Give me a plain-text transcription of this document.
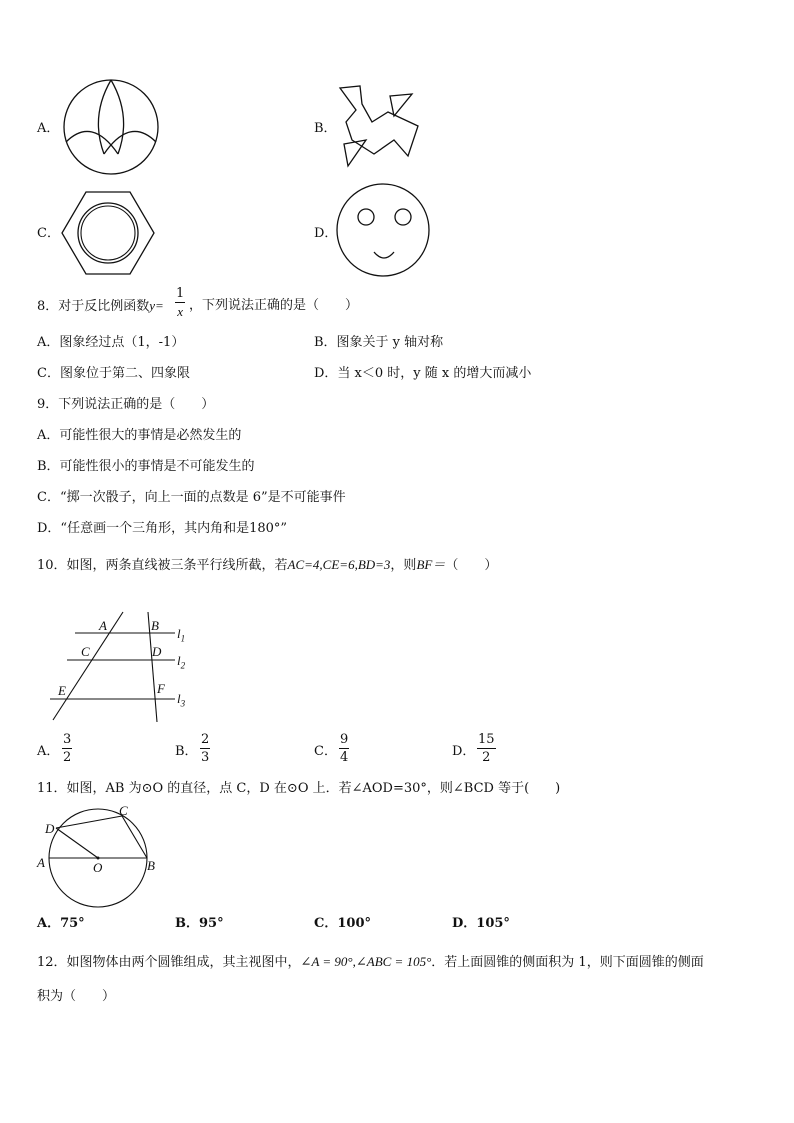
A．	B．
C．	D．
8．对于反比例函数y=
1
x ，下列说法正确的是（　　）
A．图象经过点（1，-1）	B．图象关于 y 轴对称
C．图象位于第二、四象限	D．当 x＜0 时，y 随 x 的增大而减小
9．下列说法正确的是（　　）
A．可能性很大的事情是必然发生的
B．可能性很小的事情是不可能发生的
C．“掷一次骰子，向上一面的点数是 6”是不可能事件
D．“任意画一个三角形，其内角和是180°”
10．如图，两条直线被三条平行线所截，若AC=4,CE=6,BD=3，则BF＝（　　）
A	B
C	D
E	F
$l_1$
$l_2$
$l_3$
A．
3
2	B．
2
3	C．
9
4	D．
15
2
11．如图，AB 为⊙O 的直径，点 C，D 在⊙O 上．若∠AOD=30°，则∠BCD 等于(　　)
C
D
A	O	B
A．75°	B．95°	C．100°	D．105°
12．如图物体由两个圆锥组成，其主视图中，∠A = 90°,∠ABC = 105°．若上面圆锥的侧面积为 1，则下面圆锥的侧面
积为（　　）
